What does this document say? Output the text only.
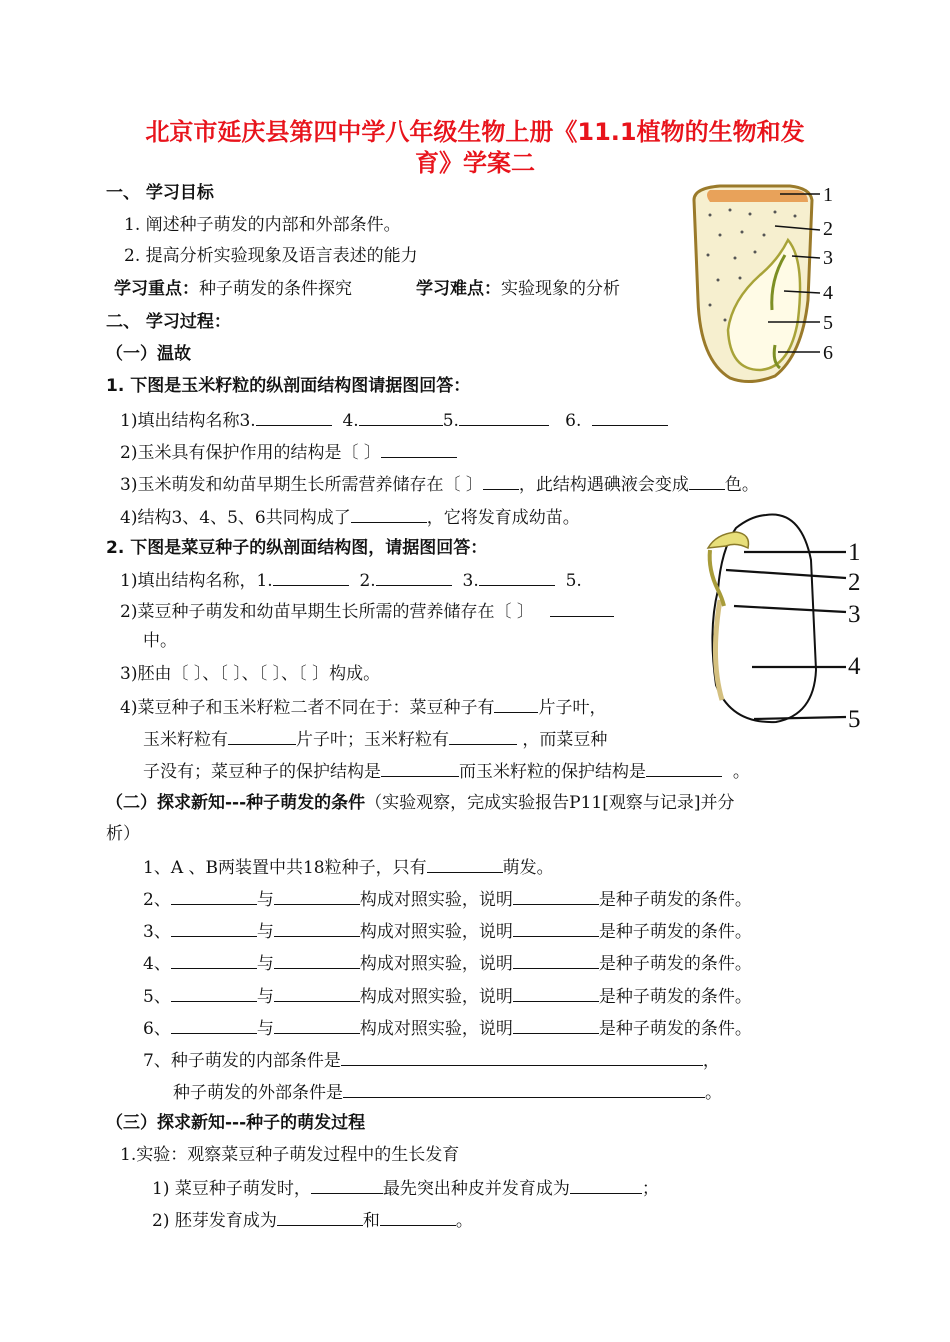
北京市延庆县第四中学八年级生物上册《11.1植物的生物和发
育》学案二
一、 学习目标
1. 阐述种子萌发的内部和外部条件。
2. 提高分析实验现象及语言表述的能力
学习重点：种子萌发的条件探究	学习难点：实验现象的分析
二、 学习过程：
（一）温故
1. 下图是玉米籽粒的纵剖面结构图请据图回答：
1)填出结构名称3.	4.	5.	6.
2)玉米具有保护作用的结构是〔 〕
3)玉米萌发和幼苗早期生长所需营养储存在〔 〕 ，此结构遇碘液会变成 色。
4)结构3、4、5、6共同构成了	，它将发育成幼苗。
2. 下图是菜豆种子的纵剖面结构图，请据图回答：
1)填出结构名称，1.	2.	3.	5.
2)菜豆种子萌发和幼苗早期生长所需的营养储存在〔 〕
中。
3)胚由〔 〕、〔 〕、〔 〕、〔 〕构成。
4)菜豆种子和玉米籽粒二者不同在于：菜豆种子有	片子叶，
玉米籽粒有	片子叶；玉米籽粒有	，而菜豆种
子没有；菜豆种子的保护结构是	而玉米籽粒的保护结构是	。
（二）探求新知---种子萌发的条件（实验观察，完成实验报告P11[观察与记录]并分
析）
1、A 、B两装置中共18粒种子，只有	萌发。
2、	与	构成对照实验，说明	是种子萌发的条件。
3、	与	构成对照实验，说明	是种子萌发的条件。
4、	与	构成对照实验，说明	是种子萌发的条件。
5、	与	构成对照实验，说明	是种子萌发的条件。
6、	与	构成对照实验，说明	是种子萌发的条件。
7、种子萌发的内部条件是	，
种子萌发的外部条件是	。
（三）探求新知---种子的萌发过程
1.实验：观察菜豆种子萌发过程中的生长发育
1) 菜豆种子萌发时，	最先突出种皮并发育成为	；
2) 胚芽发育成为	和	。
1
2
3
4
5
6
1
2
3
4
5
